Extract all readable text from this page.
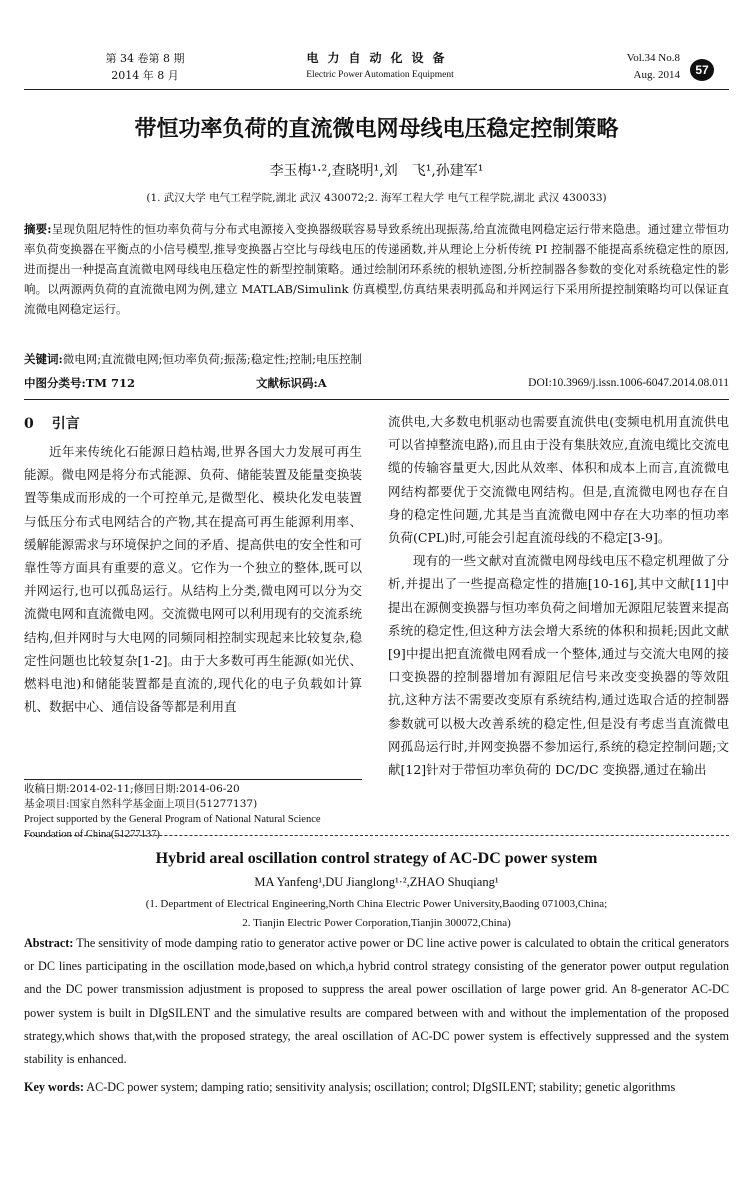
第 34 卷第 8 期
2014 年 8 月
电力自动化设备
Electric Power Automation Equipment
Vol.34 No.8
Aug. 2014	57
带恒功率负荷的直流微电网母线电压稳定控制策略
李玉梅¹·²,查晓明¹,刘　飞¹,孙建军¹
(1. 武汉大学 电气工程学院,湖北 武汉 430072;2. 海军工程大学 电气工程学院,湖北 武汉 430033)
摘要:呈现负阻尼特性的恒功率负荷与分布式电源接入变换器级联容易导致系统出现振荡,给直流微电网稳定运行带来隐患。通过建立带恒功率负荷变换器在平衡点的小信号模型,推导变换器占空比与母线电压的传递函数,并从理论上分析传统 PI 控制器不能提高系统稳定性的原因,进而提出一种提高直流微电网母线电压稳定性的新型控制策略。通过绘制闭环系统的根轨迹图,分析控制器各参数的变化对系统稳定性的影响。以两源两负荷的直流微电网为例,建立 MATLAB/Simulink 仿真模型,仿真结果表明孤岛和并网运行下采用所提控制策略均可以保证直流微电网稳定运行。
关键词:微电网;直流微电网;恒功率负荷;振荡;稳定性;控制;电压控制
中图分类号:TM 712	文献标识码:A	DOI:10.3969/j.issn.1006-6047.2014.08.011
0 引言

近年来传统化石能源日趋枯竭,世界各国大力发展可再生能源。微电网是将分布式能源、负荷、储能装置及能量变换装置等集成而形成的一个可控单元,是微型化、模块化发电装置与低压分布式电网结合的产物,其在提高可再生能源利用率、缓解能源需求与环境保护之间的矛盾、提高供电的安全性和可靠性等方面具有重要的意义。它作为一个独立的整体,既可以并网运行,也可以孤岛运行。从结构上分类,微电网可以分为交流微电网和直流微电网。交流微电网可以利用现有的交流系统结构,但并网时与大电网的同频同相控制实现起来比较复杂,稳定性问题也比较复杂[1-2]。由于大多数可再生能源(如光伏、燃料电池)和储能装置都是直流的,现代化的电子负载如计算机、数据中心、通信设备等都是利用直

收稿日期:2014-02-11;修回日期:2014-06-20
基金项目:国家自然科学基金面上项目(51277137)
Project supported by the General Program of National Natural Science Foundation of China(51277137)

流供电,大多数电机驱动也需要直流供电(变频电机用直流供电可以省掉整流电路),而且由于没有集肤效应,直流电缆比交流电缆的传输容量更大,因此从效率、体积和成本上而言,直流微电网结构都要优于交流微电网结构。但是,直流微电网也存在自身的稳定性问题,尤其是当直流微电网中存在大功率的恒功率负荷(CPL)时,可能会引起直流母线的不稳定[3-9]。

现有的一些文献对直流微电网母线电压不稳定机理做了分析,并提出了一些提高稳定性的措施[10-16],其中文献[11]中提出在源侧变换器与恒功率负荷之间增加无源阻尼装置来提高系统的稳定性,但这种方法会增大系统的体积和损耗;因此文献[9]中提出把直流微电网看成一个整体,通过与交流大电网的接口变换器的控制器增加有源阻尼信号来改变变换器的等效阻抗,这种方法不需要改变原有系统结构,通过选取合适的控制器参数就可以极大改善系统的稳定性,但是没有考虑当直流微电网孤岛运行时,并网变换器不参加运行,系统的稳定控制问题;文献[12]针对于带恒功率负荷的 DC/DC 变换器,通过在输出

Hybrid areal oscillation control strategy of AC-DC power system
MA Yanfeng¹,DU Jianglong¹·²,ZHAO Shuqiang¹
(1. Department of Electrical Engineering,North China Electric Power University,Baoding 071003,China;
2. Tianjin Electric Power Corporation,Tianjin 300072,China)
Abstract: The sensitivity of mode damping ratio to generator active power or DC line active power is calculated to obtain the critical generators or DC lines participating in the oscillation mode,based on which,a hybrid control strategy consisting of the generator power output regulation and the DC power transmission adjustment is proposed to suppress the areal power oscillation of large power grid. An 8-generator AC-DC power system is built in DIgSILENT and the simulative results are compared between with and without the implementation of the proposed strategy,which shows that,with the proposed strategy, the areal oscillation of AC-DC power system is effectively suppressed and the system stability is enhanced.
Key words: AC-DC power system; damping ratio; sensitivity analysis; oscillation; control; DIgSILENT; stability; genetic algorithms
